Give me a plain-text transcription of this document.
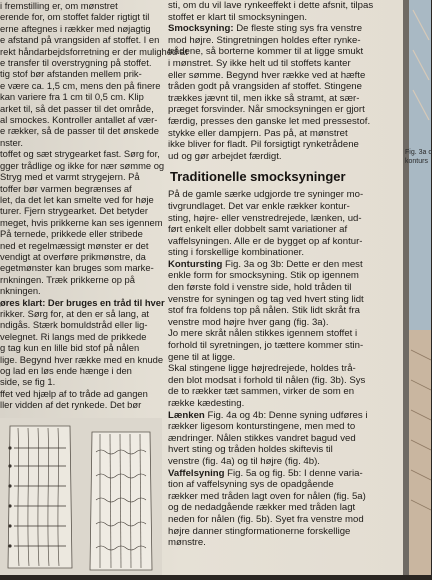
i fremstilling er, om mønstret
erende for, om stoffet falder rigtigt til
erne aftegnes i rækker med nøjagtig
e afstand på vrangsiden af stoffet. I en
rekt håndarbejdsforretning er der mulighed at
e transfer til overstrygning på stoffet.
tig stof bør afstanden mellem prik-
e være ca. 1,5 cm, mens den på finere
kan variere fra 1 cm til 0,5 cm. Klip
arket til, så det passer til det område,
al smockes. Kontroller antallet af vær-
e rækker, så de passer til det ønskede
nster.
toffet og sæt strygearket fast. Sørg for,
gger trådlige og ikke for nær sømme og
Stryg med et varmt strygejern. På
toffer bør varmen begrænses af
let, da det let kan smelte ved for høje
turer. Fjern strygearket. Det betyder
meget, hvis prikkerne kan ses igennem
På ternede, prikkede eller stribede
ned et regelmæssigt mønster er det
vendigt at overføre prikmønstre, da
egetmønster kan bruges som marke-
rnkningen. Træk prikkerne op på
nkningen.
øres klart: Der bruges en tråd til hver
rikker. Sørg for, at den er så lang, at
ndigås. Stærk bomuldstråd eller lig-
velegnet. Ri langs med de prikkede
g tag kun en lille bid stof på nålen
lige. Begynd hver række med en knude
og lad en løs ende hænge i den
side, se fig 1.
ffet ved hjælp af to tråde ad gangen
ller vidden af det rynkede. Det bør
sti, om du vil lave rynkeeffekt i dette afsnit, tilpas
stoffet er klart til smocksyningen.
Smocksyning: De fleste sting sys fra venstre
mod højre. Stingretningen holdes efter rynke-
trådene, så borterne kommer til at ligge smukt
i mønstret. Sy ikke helt ud til stoffets kanter
eller sømme. Begynd hver række ved at hæfte
tråden godt på vrangsiden af stoffet. Stingene
trækkes jævnt til, men ikke så stramt, at sær-
præget forsvinder. Når smocksyningen er gjort
færdig, presses den ganske let med pressestof.
stykke eller dampjern. Pas på, at mønstret
ikke bliver for fladt. Pil forsigtigt rynketrådene
ud og gør arbejdet færdigt.
Traditionelle smocksyninger
På de gamle særke udgjorde tre syninger mo-
tivgrundlaget. Det var enkle rækker kontur-
sting, højre- eller venstredrejede, lænken, ud-
ført enkelt eller dobbelt samt variationer af
vaffelsyningen. Alle er de bygget op af kontur-
sting i forskellige kombinationer.
Kontursting Fig. 3a og 3b: Dette er den mest
enkle form for smocksyning. Stik op igennem
den første fold i venstre side, hold tråden til
venstre for syningen og tag ved hvert sting lidt
stof fra foldens top på nålen. Stik lidt skråt fra
venstre mod højre hver gang (fig. 3a).
Jo mere skråt nålen stikkes igennem stoffet i
forhold til syretningen, jo tættere kommer stin-
gene til at ligge.
Skal stingene ligge højredrejede, holdes trå-
den blot modsat i forhold til nålen (fig. 3b). Sys
de to rækker tæt sammen, virker de som en
række kædesting.
Lænken Fig. 4a og 4b: Denne syning udføres i
rækker ligesom konturstingene, men med to
ændringer. Nålen stikkes vandret bagud ved
hvert sting og tråden holdes skiftevis til
venstre (fig. 4a) og til højre (fig. 4b).
Vaffelsyning Fig. 5a og fig. 5b: I denne varia-
tion af vaffelsyning sys de opadgående
rækker med tråden lagt oven for nålen (fig. 5a)
og de nedadgående rækker med tråden lagt
neden for nålen (fig. 5b). Syet fra venstre mod
højre danner stingformationerne forskellige
mønstre.
Fig. 3a o
konturs
